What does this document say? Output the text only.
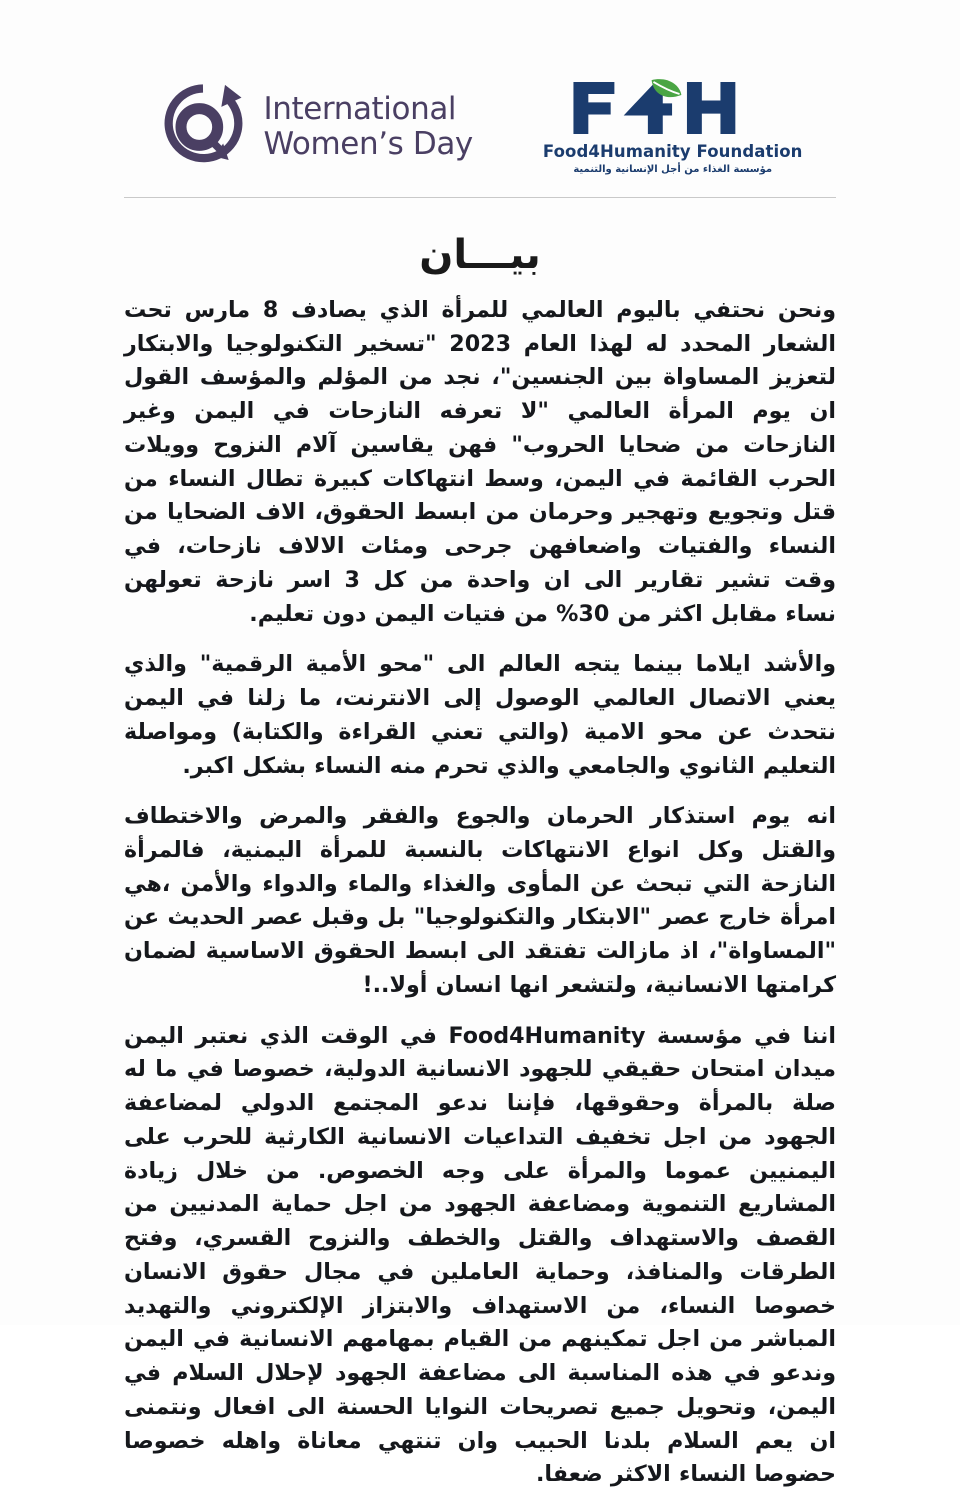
International
Women’s Day	Food4Humanity Foundation
مؤسسة الغذاء من أجل الإنسانية والتنمية
بيـــان

ونحن نحتفي باليوم العالمي للمرأة الذي يصادف 8 مارس تحت الشعار المحدد له لهذا العام 2023 "تسخير التكنولوجيا والابتكار لتعزيز المساواة بين الجنسين"، نجد من المؤلم والمؤسف القول ان يوم المرأة العالمي "لا تعرفه النازحات في اليمن وغير النازحات من ضحايا الحروب" فهن يقاسين آلام النزوح وويلات الحرب القائمة في اليمن، وسط انتهاكات كبيرة تطال النساء من قتل وتجويع وتهجير وحرمان من ابسط الحقوق، الاف الضحايا من النساء والفتيات واضعافهن جرحى ومئات الالاف نازحات، في وقت تشير تقارير الى ان واحدة من كل 3 اسر نازحة تعولهن نساء مقابل اكثر من 30% من فتيات اليمن دون تعليم.

والأشد ايلاما بينما يتجه العالم الى "محو الأمية الرقمية" والذي يعني الاتصال العالمي الوصول إلى الانترنت، ما زلنا في اليمن نتحدث عن محو الامية (والتي تعني القراءة والكتابة) ومواصلة التعليم الثانوي والجامعي والذي تحرم منه النساء بشكل اكبر.

انه يوم استذكار الحرمان والجوع والفقر والمرض والاختطاف والقتل وكل انواع الانتهاكات بالنسبة للمرأة اليمنية، فالمرأة النازحة التي تبحث عن المأوى والغذاء والماء والدواء والأمن ،هي امرأة خارج عصر "الابتكار والتكنولوجيا" بل وقبل عصر الحديث عن "المساواة"، اذ مازالت تفتقد الى ابسط الحقوق الاساسية لضمان كرامتها الانسانية، ولتشعر انها انسان أولا..!

اننا في مؤسسة Food4Humanity في الوقت الذي نعتبر اليمن ميدان امتحان حقيقي للجهود الانسانية الدولية، خصوصا في ما له صلة بالمرأة وحقوقها، فإننا ندعو المجتمع الدولي لمضاعفة الجهود من اجل تخفيف التداعيات الانسانية الكارثية للحرب على اليمنيين عموما والمرأة على وجه الخصوص. من خلال زيادة المشاريع التنموية ومضاعفة الجهود من اجل حماية المدنيين من القصف والاستهداف والقتل والخطف والنزوح القسري، وفتح الطرقات والمنافذ، وحماية العاملين في مجال حقوق الانسان خصوصا النساء، من الاستهداف والابتزاز الإلكتروني والتهديد المباشر من اجل تمكينهم من القيام بمهامهم الانسانية في اليمن وندعو في هذه المناسبة الى مضاعفة الجهود لإحلال السلام في اليمن، وتحويل جميع تصريحات النوايا الحسنة الى افعال ونتمنى ان يعم السلام بلدنا الحبيب وان تنتهي معاناة واهله خصوصا حضوصا النساء الاكثر ضعفا.
